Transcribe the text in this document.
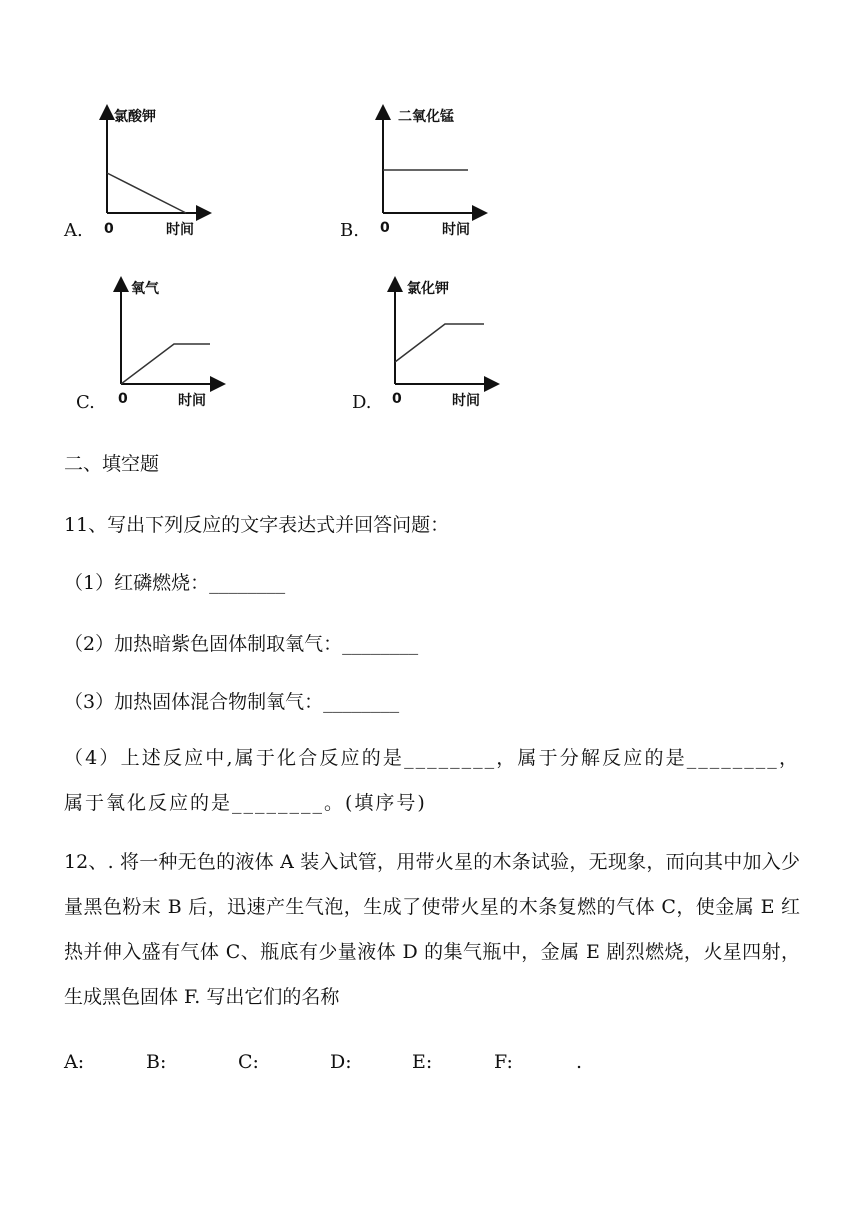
A.	B.
C.	D.
氯酸钾
0	时间
二氧化锰
0	时间
氧气
0	时间
氯化钾
0	时间
二、填空题
11、写出下列反应的文字表达式并回答问题：
（1）红磷燃烧：________
（2）加热暗紫色固体制取氧气：________
（3）加热固体混合物制氧气：________
（4）上述反应中,属于化合反应的是________，属于分解反应的是________，属于氧化反应的是________。(填序号)
12、. 将一种无色的液体 A 装入试管，用带火星的木条试验，无现象，而向其中加入少量黑色粉末 B 后，迅速产生气泡，生成了使带火星的木条复燃的气体 C，使金属 E 红热并伸入盛有气体 C、瓶底有少量液体 D 的集气瓶中，金属 E 剧烈燃烧，火星四射，生成黑色固体 F. 写出它们的名称
A:	B:	C:	D:	E:	F:	.
